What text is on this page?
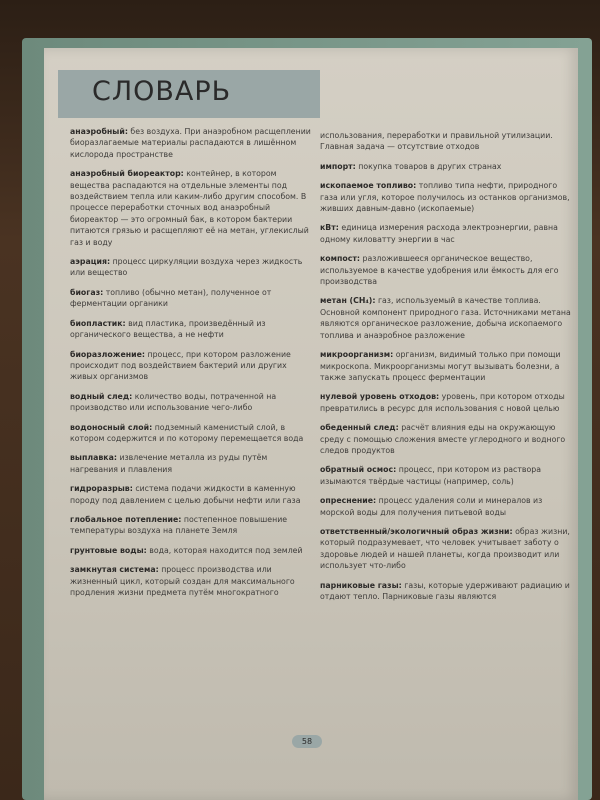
СЛОВАРЬ
анаэробный: без воздуха. При анаэробном расщеплении биоразлагаемые материалы распадаются в лишённом кислорода пространстве
анаэробный биореактор: контейнер, в котором вещества распадаются на отдельные элементы под воздействием тепла или каким-либо другим способом. В процессе переработки сточных вод анаэробный биореактор — это огромный бак, в котором бактерии питаются грязью и расщепляют её на метан, углекислый газ и воду
аэрация: процесс циркуляции воздуха через жидкость или вещество
биогаз: топливо (обычно метан), полученное от ферментации органики
биопластик: вид пластика, произведённый из органического вещества, а не нефти
биоразложение: процесс, при котором разложение происходит под воздействием бактерий или других живых организмов
водный след: количество воды, потраченной на производство или использование чего-либо
водоносный слой: подземный каменистый слой, в котором содержится и по которому перемещается вода
выплавка: извлечение металла из руды путём нагревания и плавления
гидроразрыв: система подачи жидкости в каменную породу под давлением с целью добычи нефти или газа
глобальное потепление: постепенное повышение температуры воздуха на планете Земля
грунтовые воды: вода, которая находится под землей
замкнутая система: процесс производства или жизненный цикл, который создан для максимального продления жизни предмета путём многократного
использования, переработки и правильной утилизации. Главная задача — отсутствие отходов
импорт: покупка товаров в других странах
ископаемое топливо: топливо типа нефти, природного газа или угля, которое получилось из останков организмов, живших давным-давно (ископаемые)
кВт: единица измерения расхода электроэнергии, равна одному киловатту энергии в час
компост: разложившееся органическое вещество, используемое в качестве удобрения или ёмкость для его производства
метан (CH₄): газ, используемый в качестве топлива. Основной компонент природного газа. Источниками метана являются органическое разложение, добыча ископаемого топлива и анаэробное разложение
микроорганизм: организм, видимый только при помощи микроскопа. Микроорганизмы могут вызывать болезни, а также запускать процесс ферментации
нулевой уровень отходов: уровень, при котором отходы превратились в ресурс для использования с новой целью
обеденный след: расчёт влияния еды на окружающую среду с помощью сложения вместе углеродного и водного следов продуктов
обратный осмос: процесс, при котором из раствора изымаются твёрдые частицы (например, соль)
опреснение: процесс удаления соли и минералов из морской воды для получения питьевой воды
ответственный/экологичный образ жизни: образ жизни, который подразумевает, что человек учитывает заботу о здоровье людей и нашей планеты, когда производит или использует что-либо
парниковые газы: газы, которые удерживают радиацию и отдают тепло. Парниковые газы являются
58
